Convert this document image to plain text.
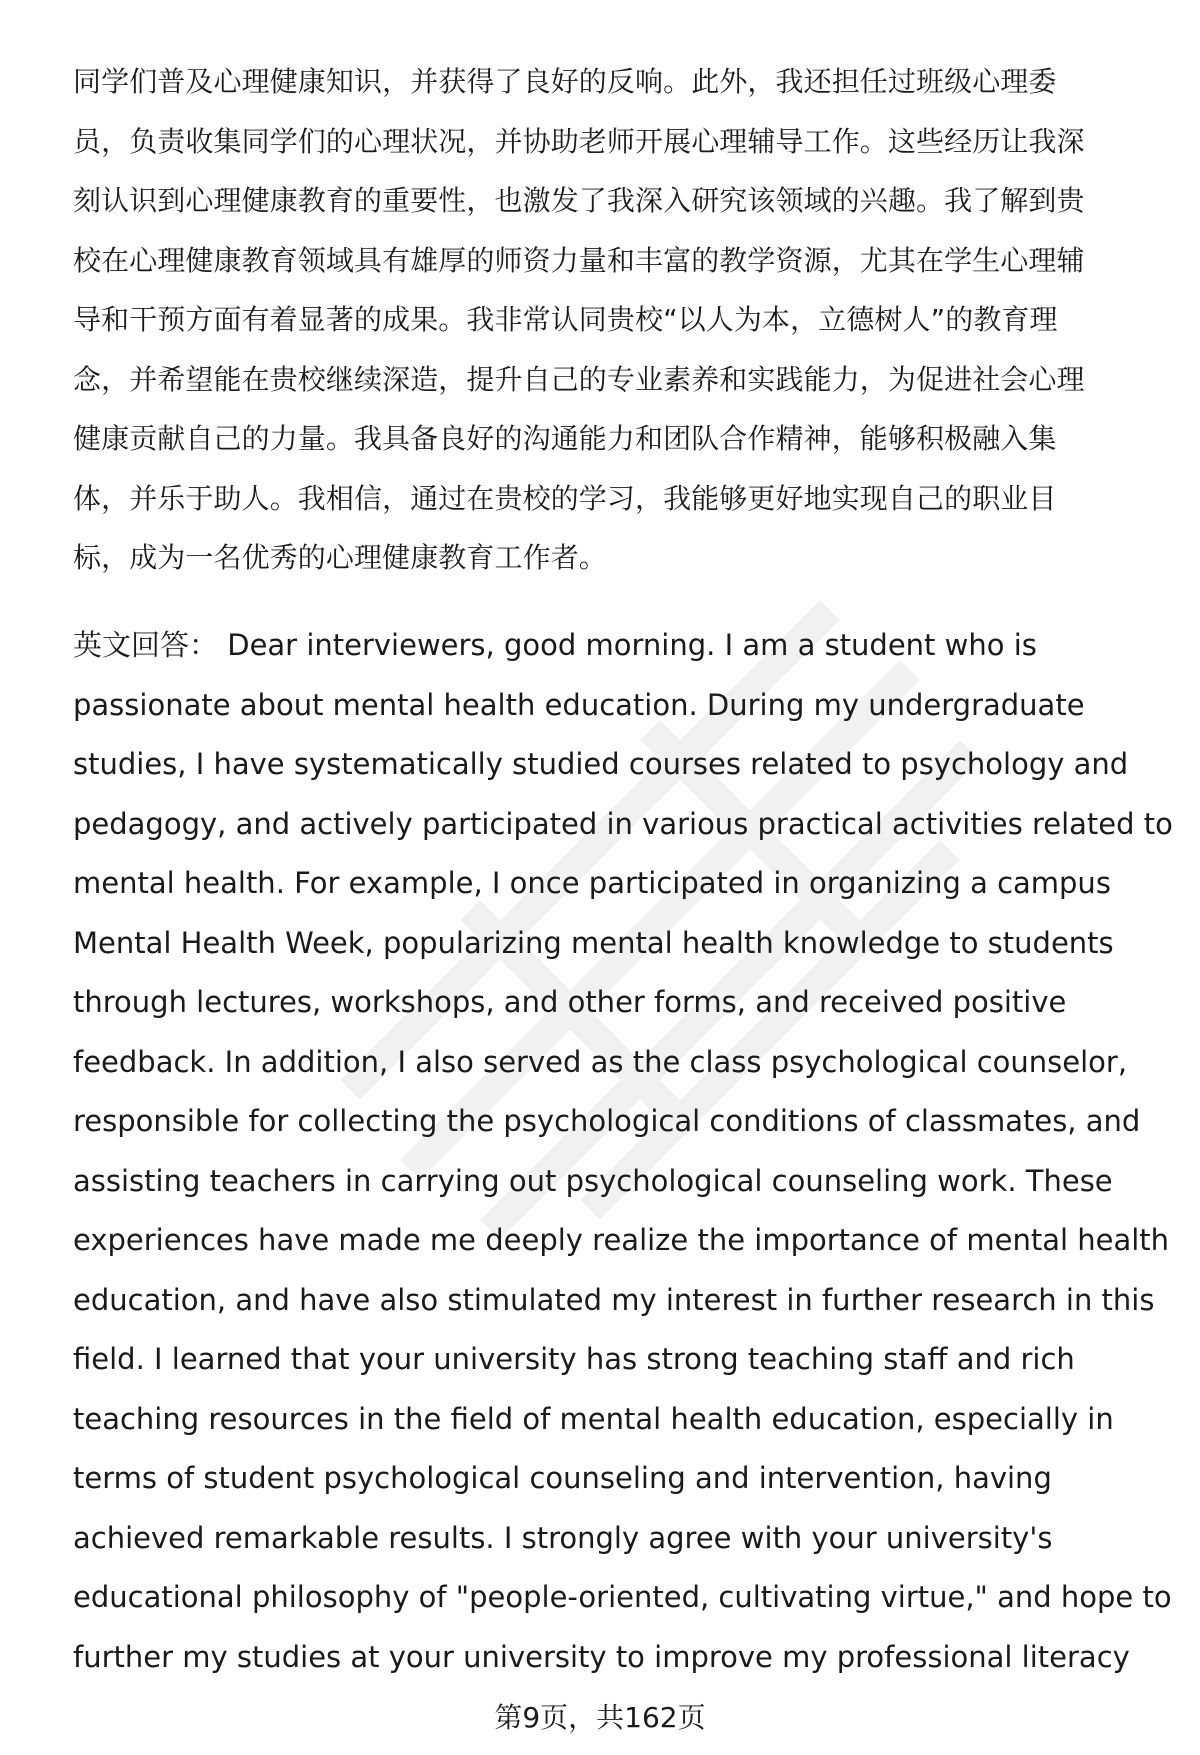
同学们普及心理健康知识，并获得了良好的反响。此外，我还担任过班级心理委
员，负责收集同学们的心理状况，并协助老师开展心理辅导工作。这些经历让我深
刻认识到心理健康教育的重要性，也激发了我深入研究该领域的兴趣。我了解到贵
校在心理健康教育领域具有雄厚的师资力量和丰富的教学资源，尤其在学生心理辅
导和干预方面有着显著的成果。我非常认同贵校“以人为本，立德树人”的教育理
念，并希望能在贵校继续深造，提升自己的专业素养和实践能力，为促进社会心理
健康贡献自己的力量。我具备良好的沟通能力和团队合作精神，能够积极融入集
体，并乐于助人。我相信，通过在贵校的学习，我能够更好地实现自己的职业目
标，成为一名优秀的心理健康教育工作者。
英文回答： Dear interviewers, good morning. I am a student who is
passionate about mental health education. During my undergraduate
studies, I have systematically studied courses related to psychology and
pedagogy, and actively participated in various practical activities related to
mental health. For example, I once participated in organizing a campus
Mental Health Week, popularizing mental health knowledge to students
through lectures, workshops, and other forms, and received positive
feedback. In addition, I also served as the class psychological counselor,
responsible for collecting the psychological conditions of classmates, and
assisting teachers in carrying out psychological counseling work. These
experiences have made me deeply realize the importance of mental health
education, and have also stimulated my interest in further research in this
field. I learned that your university has strong teaching staff and rich
teaching resources in the field of mental health education, especially in
terms of student psychological counseling and intervention, having
achieved remarkable results. I strongly agree with your university's
educational philosophy of "people-oriented, cultivating virtue," and hope to
further my studies at your university to improve my professional literacy
第9页，共162页
